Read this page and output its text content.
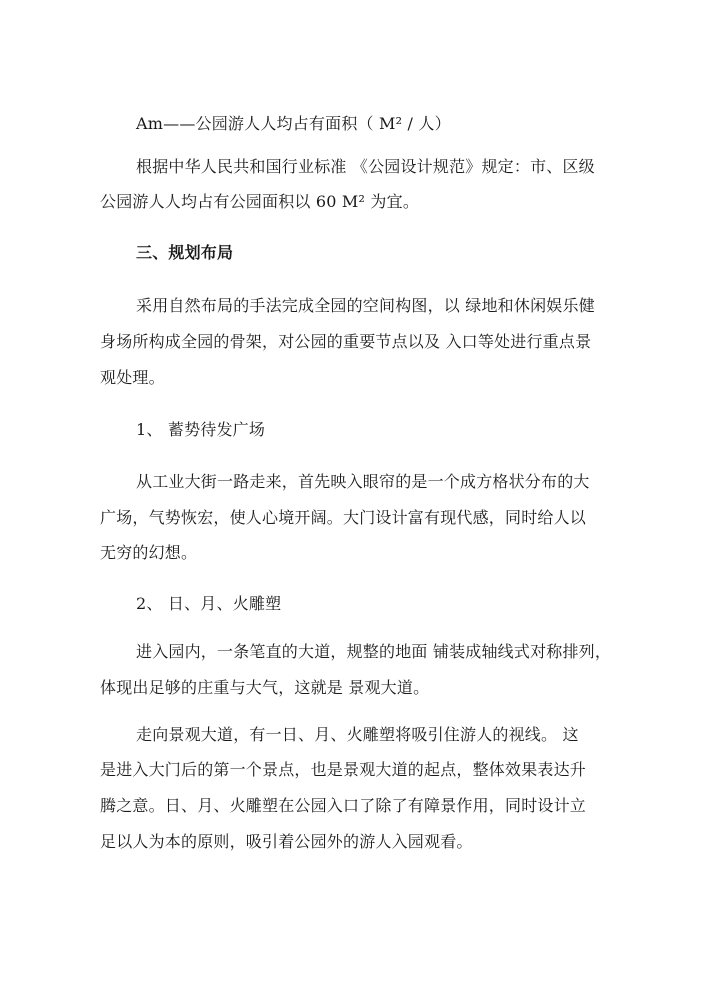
Am——公园游人人均占有面积（ M² / 人）
根据中华人民共和国行业标准 《公园设计规范》规定：市、区级
公园游人人均占有公园面积以 60 M² 为宜。
三、规划布局
采用自然布局的手法完成全园的空间构图，以 绿地和休闲娱乐健
身场所构成全园的骨架，对公园的重要节点以及 入口等处进行重点景
观处理。
1、 蓄势待发广场
从工业大街一路走来，首先映入眼帘的是一个成方格状分布的大
广场，气势恢宏，使人心境开阔。大门设计富有现代感，同时给人以
无穷的幻想。
2、 日、月、火雕塑
进入园内，一条笔直的大道，规整的地面 铺装成轴线式对称排列，
体现出足够的庄重与大气，这就是 景观大道。
走向景观大道，有一日、月、火雕塑将吸引住游人的视线。 这
是进入大门后的第一个景点，也是景观大道的起点，整体效果表达升
腾之意。日、月、火雕塑在公园入口了除了有障景作用，同时设计立
足以人为本的原则，吸引着公园外的游人入园观看。
